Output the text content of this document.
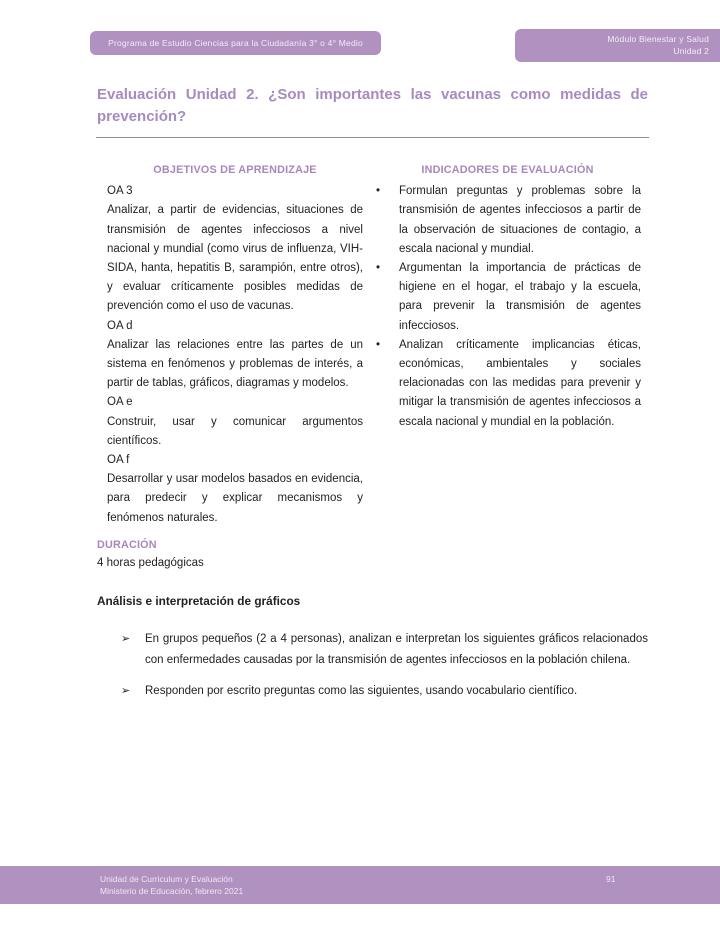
Programa de Estudio Ciencias para la Ciudadanía 3° o 4° Medio	Módulo Bienestar y Salud
Unidad 2
Evaluación Unidad 2. ¿Son importantes las vacunas como medidas de prevención?
OBJETIVOS DE APRENDIZAJE

OA 3

Analizar, a partir de evidencias, situaciones de transmisión de agentes infecciosos a nivel nacional y mundial (como virus de influenza, VIH-SIDA, hanta, hepatitis B, sarampión, entre otros), y evaluar críticamente posibles medidas de prevención como el uso de vacunas.

OA d

Analizar las relaciones entre las partes de un sistema en fenómenos y problemas de interés, a partir de tablas, gráficos, diagramas y modelos.

OA e

Construir, usar y comunicar argumentos científicos.

OA f

Desarrollar y usar modelos basados en evidencia, para predecir y explicar mecanismos y fenómenos naturales.

INDICADORES DE EVALUACIÓN
• Formulan preguntas y problemas sobre la transmisión de agentes infecciosos a partir de la observación de situaciones de contagio, a escala nacional y mundial.
• Argumentan la importancia de prácticas de higiene en el hogar, el trabajo y la escuela, para prevenir la transmisión de agentes infecciosos.
• Analizan críticamente implicancias éticas, económicas, ambientales y sociales relacionadas con las medidas para prevenir y mitigar la transmisión de agentes infecciosos a escala nacional y mundial en la población.
DURACIÓN

4 horas pedagógicas

Análisis e interpretación de gráficos
➢ En grupos pequeños (2 a 4 personas), analizan e interpretan los siguientes gráficos relacionados con enfermedades causadas por la transmisión de agentes infecciosos en la población chilena.
➢ Responden por escrito preguntas como las siguientes, usando vocabulario científico.
Unidad de Curriculum y Evaluación
Ministerio de Educación, febrero 2021
91
